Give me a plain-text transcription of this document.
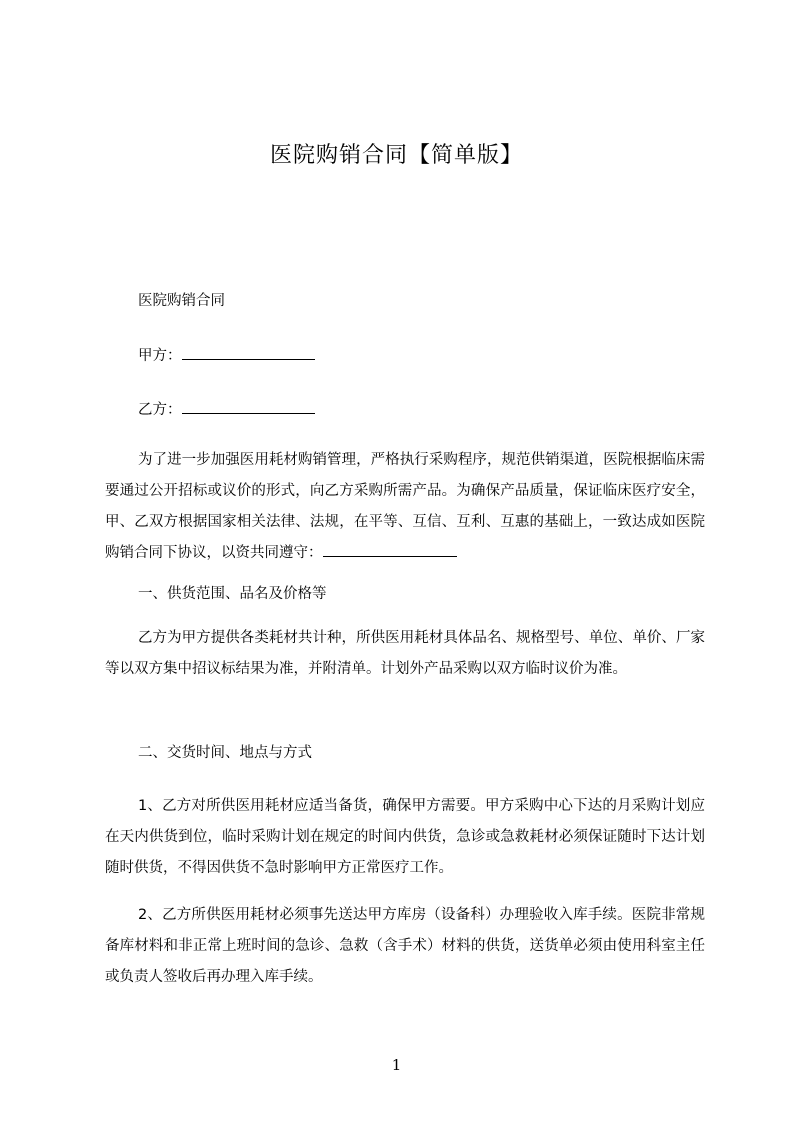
医院购销合同【简单版】
医院购销合同
甲方：
乙方：
为了进一步加强医用耗材购销管理，严格执行采购程序，规范供销渠道，医院根据临床需要通过公开招标或议价的形式，向乙方采购所需产品。为确保产品质量，保证临床医疗安全，甲、乙双方根据国家相关法律、法规，在平等、互信、互利、互惠的基础上，一致达成如医院购销合同下协议，以资共同遵守：
一、供货范围、品名及价格等
乙方为甲方提供各类耗材共计种，所供医用耗材具体品名、规格型号、单位、单价、厂家等以双方集中招议标结果为准，并附清单。计划外产品采购以双方临时议价为准。
二、交货时间、地点与方式
1、乙方对所供医用耗材应适当备货，确保甲方需要。甲方采购中心下达的月采购计划应在天内供货到位，临时采购计划在规定的时间内供货，急诊或急救耗材必须保证随时下达计划随时供货，不得因供货不急时影响甲方正常医疗工作。
2、乙方所供医用耗材必须事先送达甲方库房（设备科）办理验收入库手续。医院非常规备库材料和非正常上班时间的急诊、急救（含手术）材料的供货，送货单必须由使用科室主任或负责人签收后再办理入库手续。
1
